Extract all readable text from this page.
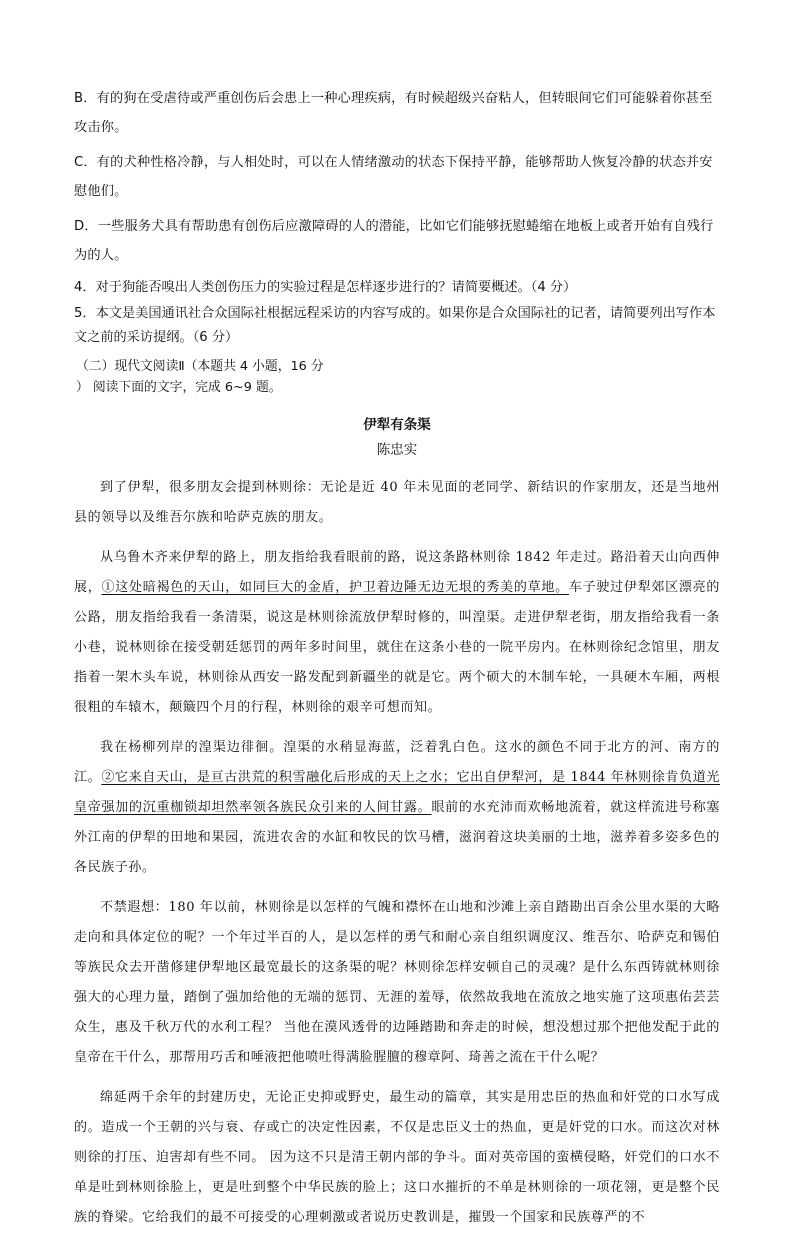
B．有的狗在受虐待或严重创伤后会患上一种心理疾病，有时候超级兴奋粘人，但转眼间它们可能躲着你甚至攻击你。

C．有的犬种性格冷静，与人相处时，可以在人情绪激动的状态下保持平静，能够帮助人恢复冷静的状态并安慰他们。

D．一些服务犬具有帮助患有创伤后应激障碍的人的潜能，比如它们能够抚慰蜷缩在地板上或者开始有自残行为的人。

4．对于狗能否嗅出人类创伤压力的实验过程是怎样逐步进行的？请简要概述。（4 分）

5．本文是美国通讯社合众国际社根据远程采访的内容写成的。如果你是合众国际社的记者，请简要列出写作本文之前的采访提纲。（6 分）

（二）现代文阅读Ⅱ（本题共 4 小题，16 分
） 阅读下面的文字，完成 6~9 题。
伊犁有条渠
陈忠实

到了伊犁，很多朋友会提到林则徐：无论是近 40 年未见面的老同学、新结识的作家朋友，还是当地州县的领导以及维吾尔族和哈萨克族的朋友。

从乌鲁木齐来伊犁的路上，朋友指给我看眼前的路，说这条路林则徐 1842 年走过。路沿着天山向西伸展，①这处暗褐色的天山，如同巨大的金盾，护卫着边陲无边无垠的秀美的草地。车子驶过伊犁郊区漂亮的公路，朋友指给我看一条清渠，说这是林则徐流放伊犁时修的，叫湟渠。走进伊犁老街，朋友指给我看一条小巷，说林则徐在接受朝廷惩罚的两年多时间里，就住在这条小巷的一院平房内。在林则徐纪念馆里，朋友指着一架木头车说，林则徐从西安一路发配到新疆坐的就是它。两个硕大的木制车轮，一具硬木车厢，两根很粗的车辕木，颠簸四个月的行程，林则徐的艰辛可想而知。

我在杨柳列岸的湟渠边徘徊。湟渠的水稍显海蓝，泛着乳白色。这水的颜色不同于北方的河、南方的江。②它来自天山，是亘古洪荒的积雪融化后形成的天上之水；它出自伊犁河，是 1844 年林则徐肯负道光皇帝强加的沉重枷锁却坦然率领各族民众引来的人间甘露。眼前的水充沛而欢畅地流着，就这样流进号称塞外江南的伊犁的田地和果园，流进农舍的水缸和牧民的饮马槽，滋润着这块美丽的土地，滋养着多姿多色的各民族子孙。

不禁遐想：180 年以前，林则徐是以怎样的气魄和襟怀在山地和沙滩上亲自踏勘出百余公里水渠的大略走向和具体定位的呢？一个年过半百的人，是以怎样的勇气和耐心亲自组织调度汉、维吾尔、哈萨克和锡伯等族民众去开凿修建伊犁地区最宽最长的这条渠的呢？林则徐怎样安顿自己的灵魂？是什么东西铸就林则徐强大的心理力量，踏倒了强加给他的无端的惩罚、无涯的羞辱，依然故我地在流放之地实施了这项惠佑芸芸众生，惠及千秋万代的水利工程？ 当他在漠风透骨的边陲踏勘和奔走的时候，想没想过那个把他发配于此的皇帝在干什么，那帮用巧舌和唾液把他喷吐得满脸腥膻的穆章阿、琦善之流在干什么呢？

绵延两千余年的封建历史，无论正史抑或野史，最生动的篇章，其实是用忠臣的热血和奸党的口水写成的。造成一个王朝的兴与衰、存或亡的决定性因素，不仅是忠臣义士的热血，更是奸党的口水。而这次对林则徐的打压、迫害却有些不同。 因为这不只是清王朝内部的争斗。面对英帝国的蛮横侵略，奸党们的口水不单是吐到林则徐脸上，更是吐到整个中华民族的脸上；这口水摧折的不单是林则徐的一项花翎，更是整个民族的脊梁。它给我们的最不可接受的心理刺激或者说历史教训是，摧毁一个国家和民族尊严的不
